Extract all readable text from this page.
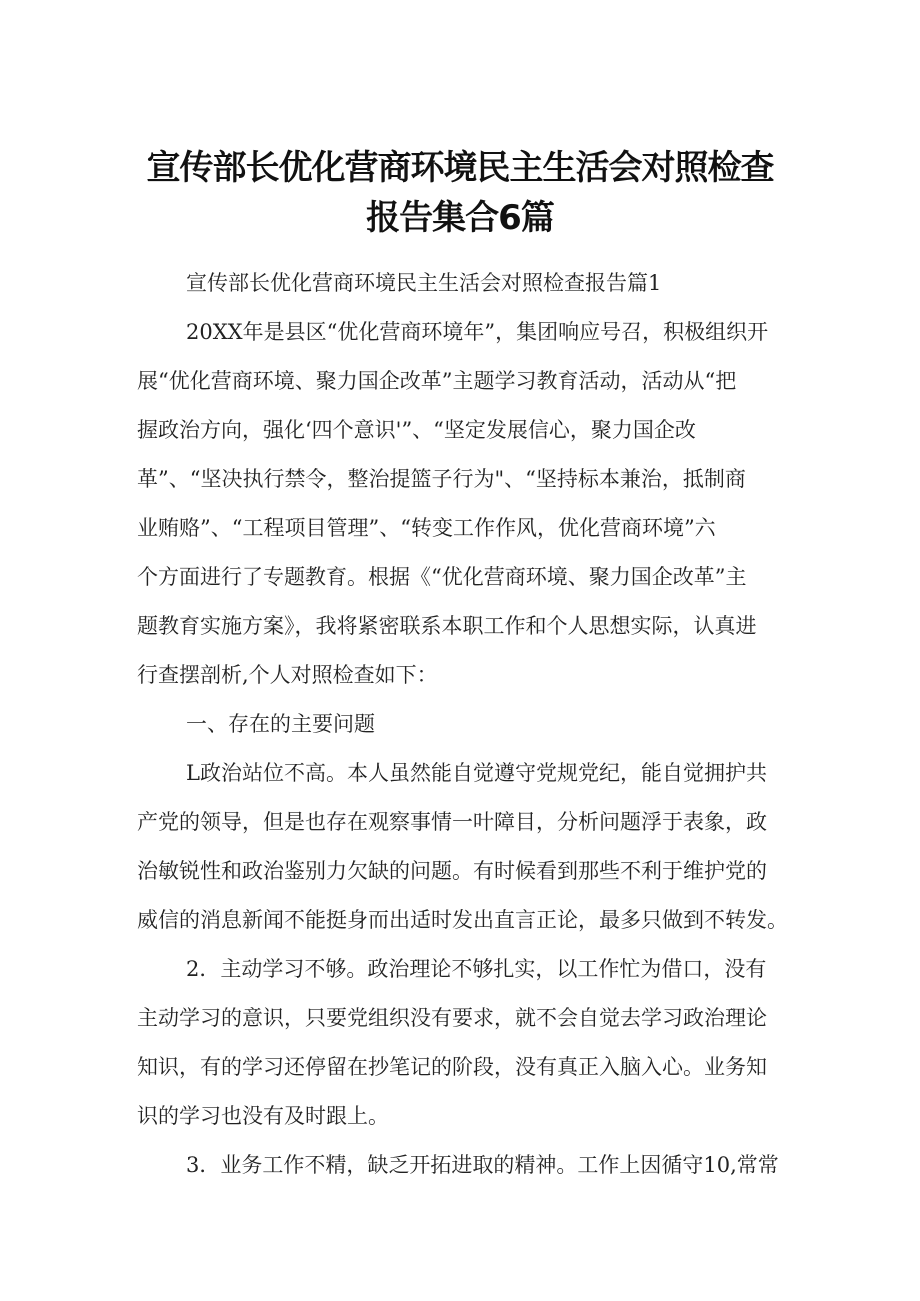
宣传部长优化营商环境民主生活会对照检查
报告集合6篇

宣传部长优化营商环境民主生活会对照检查报告篇1

20XX年是县区“优化营商环境年”，集团响应号召，积极组织开

展“优化营商环境、聚力国企改革”主题学习教育活动，活动从“把

握政治方向，强化‘四个意识'”、“坚定发展信心，聚力国企改

革”、“坚决执行禁令，整治提篮子行为"、“坚持标本兼治，抵制商

业贿赂”、“工程项目管理”、“转变工作作风，优化营商环境”六

个方面进行了专题教育。根据《“优化营商环境、聚力国企改革”主

题教育实施方案》，我将紧密联系本职工作和个人思想实际，认真进

行查摆剖析,个人对照检查如下：

一、存在的主要问题

L政治站位不高。本人虽然能自觉遵守党规党纪，能自觉拥护共

产党的领导，但是也存在观察事情一叶障目，分析问题浮于表象，政

治敏锐性和政治鉴别力欠缺的问题。有时候看到那些不利于维护党的

威信的消息新闻不能挺身而出适时发出直言正论，最多只做到不转发。

2．主动学习不够。政治理论不够扎实，以工作忙为借口，没有

主动学习的意识，只要党组织没有要求，就不会自觉去学习政治理论

知识，有的学习还停留在抄笔记的阶段，没有真正入脑入心。业务知

识的学习也没有及时跟上。

3．业务工作不精，缺乏开拓进取的精神。工作上因循守10,常常
